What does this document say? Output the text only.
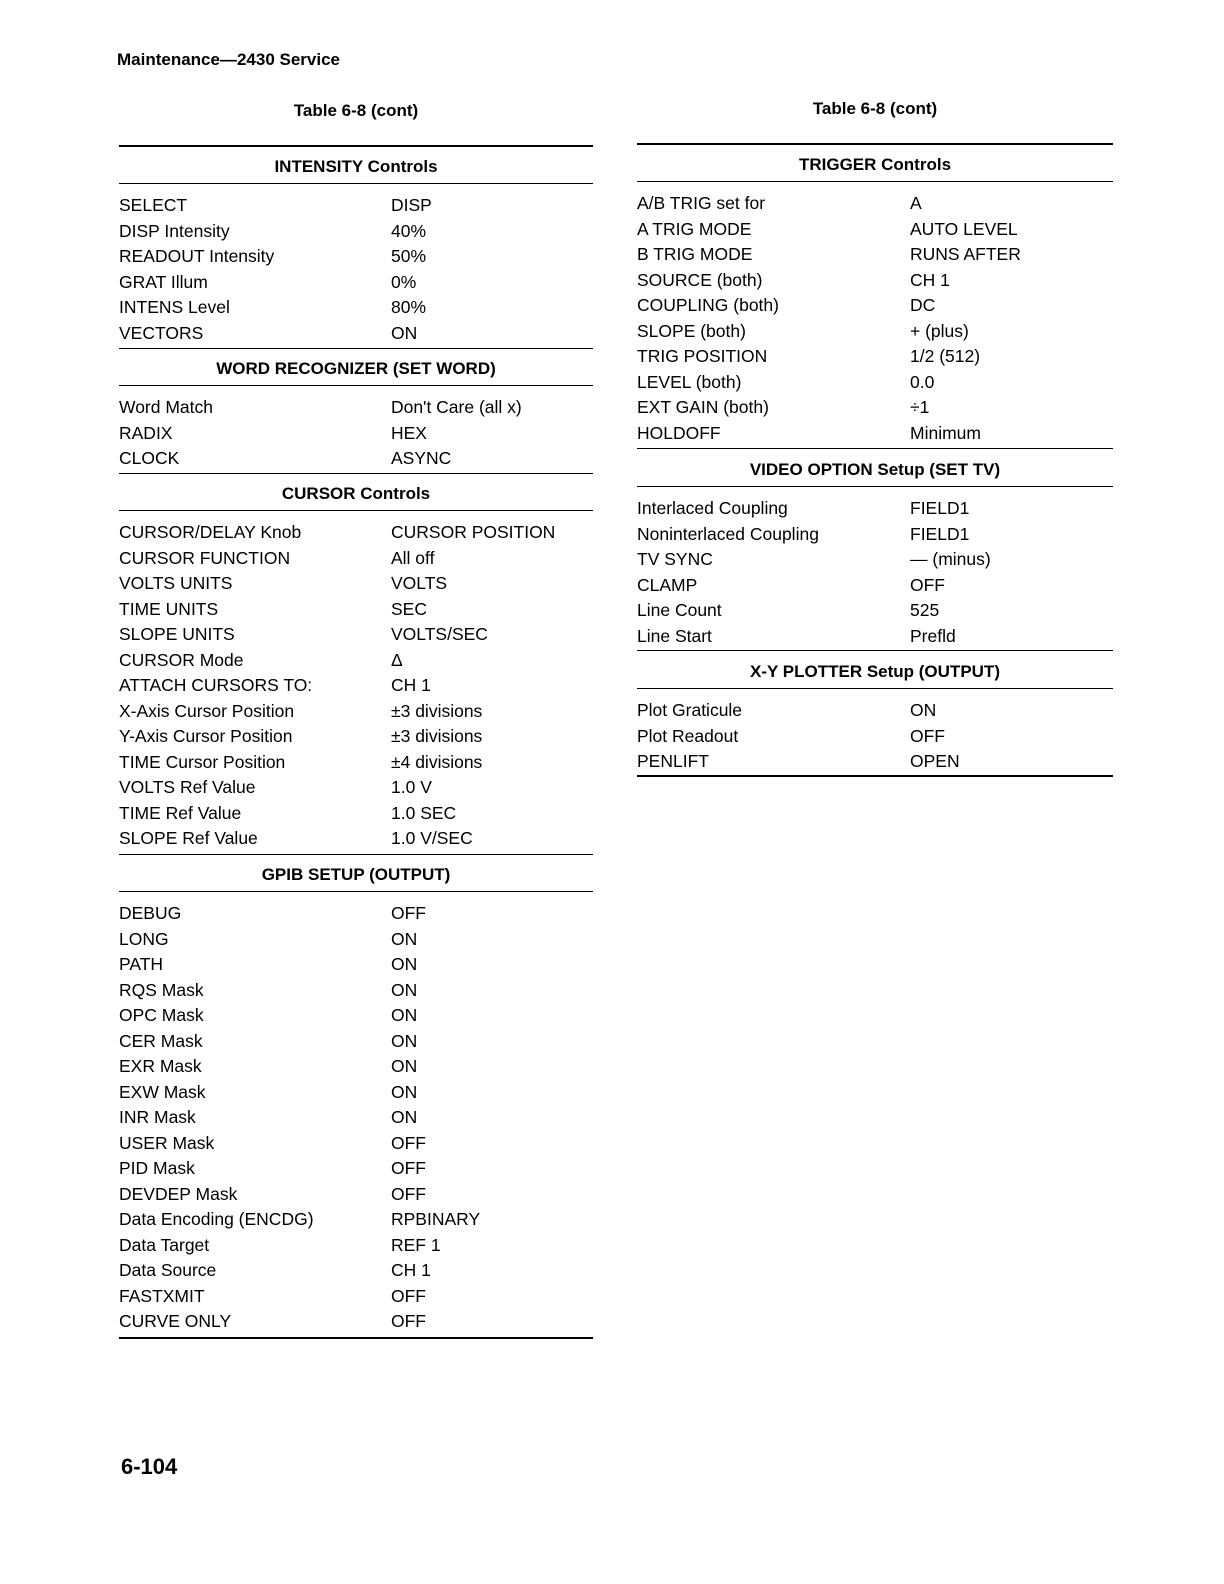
Maintenance—2430 Service
Table 6-8 (cont)
INTENSITY Controls
SELECT	DISP
DISP Intensity	40%
READOUT Intensity	50%
GRAT Illum	0%
INTENS Level	80%
VECTORS	ON
WORD RECOGNIZER (SET WORD)
Word Match	Don't Care (all x)
RADIX	HEX
CLOCK	ASYNC
CURSOR Controls
CURSOR/DELAY Knob	CURSOR POSITION
CURSOR FUNCTION	All off
VOLTS UNITS	VOLTS
TIME UNITS	SEC
SLOPE UNITS	VOLTS/SEC
CURSOR Mode	Δ
ATTACH CURSORS TO:	CH 1
X-Axis Cursor Position	±3 divisions
Y-Axis Cursor Position	±3 divisions
TIME Cursor Position	±4 divisions
VOLTS Ref Value	1.0 V
TIME Ref Value	1.0 SEC
SLOPE Ref Value	1.0 V/SEC
GPIB SETUP (OUTPUT)
DEBUG	OFF
LONG	ON
PATH	ON
RQS Mask	ON
OPC Mask	ON
CER Mask	ON
EXR Mask	ON
EXW Mask	ON
INR Mask	ON
USER Mask	OFF
PID Mask	OFF
DEVDEP Mask	OFF
Data Encoding (ENCDG)	RPBINARY
Data Target	REF 1
Data Source	CH 1
FASTXMIT	OFF
CURVE ONLY	OFF
Table 6-8 (cont)
TRIGGER Controls
A/B TRIG set for	A
A TRIG MODE	AUTO LEVEL
B TRIG MODE	RUNS AFTER
SOURCE (both)	CH 1
COUPLING (both)	DC
SLOPE (both)	+ (plus)
TRIG POSITION	1/2 (512)
LEVEL (both)	0.0
EXT GAIN (both)	÷1
HOLDOFF	Minimum
VIDEO OPTION Setup (SET TV)
Interlaced Coupling	FIELD1
Noninterlaced Coupling	FIELD1
TV SYNC	— (minus)
CLAMP	OFF
Line Count	525
Line Start	Prefld
X-Y PLOTTER Setup (OUTPUT)
Plot Graticule	ON
Plot Readout	OFF
PENLIFT	OPEN
6-104
